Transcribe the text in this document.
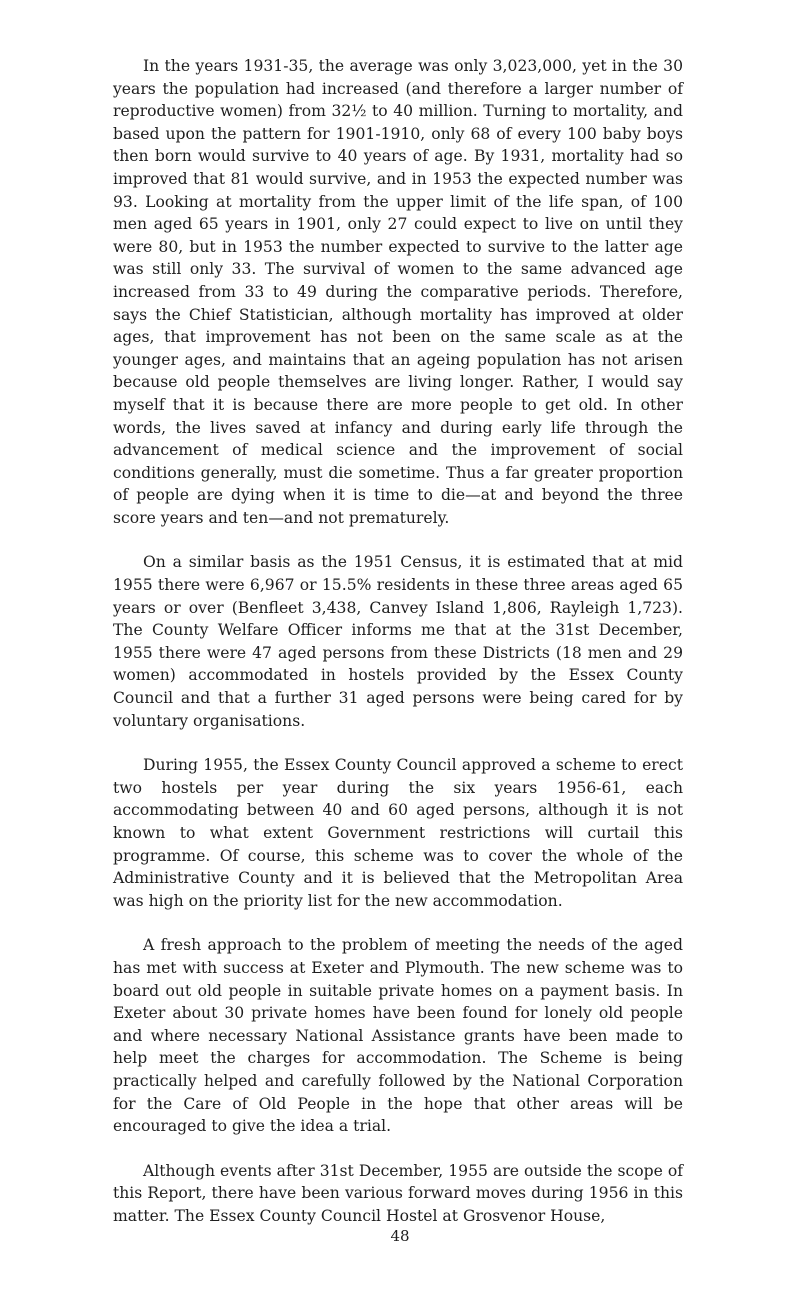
In the years 1931-35, the average was only 3,023,000, yet in the 30 years the population had increased (and therefore a larger number of reproductive women) from 32½ to 40 million. Turning to mortality, and based upon the pattern for 1901-1910, only 68 of every 100 baby boys then born would survive to 40 years of age. By 1931, mortality had so improved that 81 would survive, and in 1953 the expected number was 93. Looking at mortality from the upper limit of the life span, of 100 men aged 65 years in 1901, only 27 could expect to live on until they were 80, but in 1953 the number expected to survive to the latter age was still only 33. The survival of women to the same advanced age increased from 33 to 49 during the comparative periods. Therefore, says the Chief Statistician, although mortality has improved at older ages, that improvement has not been on the same scale as at the younger ages, and maintains that an ageing population has not arisen because old people themselves are living longer. Rather, I would say myself that it is because there are more people to get old. In other words, the lives saved at infancy and during early life through the advancement of medical science and the improvement of social conditions generally, must die sometime. Thus a far greater proportion of people are dying when it is time to die—at and beyond the three score years and ten—and not prematurely.

On a similar basis as the 1951 Census, it is estimated that at mid 1955 there were 6,967 or 15.5% residents in these three areas aged 65 years or over (Benfleet 3,438, Canvey Island 1,806, Rayleigh 1,723). The County Welfare Officer informs me that at the 31st December, 1955 there were 47 aged persons from these Districts (18 men and 29 women) accommodated in hostels provided by the Essex County Council and that a further 31 aged persons were being cared for by voluntary organisations.

During 1955, the Essex County Council approved a scheme to erect two hostels per year during the six years 1956-61, each accommodating between 40 and 60 aged persons, although it is not known to what extent Government restrictions will curtail this programme. Of course, this scheme was to cover the whole of the Administrative County and it is believed that the Metropolitan Area was high on the priority list for the new accommodation.

A fresh approach to the problem of meeting the needs of the aged has met with success at Exeter and Plymouth. The new scheme was to board out old people in suitable private homes on a payment basis. In Exeter about 30 private homes have been found for lonely old people and where necessary National Assistance grants have been made to help meet the charges for accommodation. The Scheme is being practically helped and carefully followed by the National Corporation for the Care of Old People in the hope that other areas will be encouraged to give the idea a trial.

Although events after 31st December, 1955 are outside the scope of this Report, there have been various forward moves during 1956 in this matter. The Essex County Council Hostel at Grosvenor House,

48
